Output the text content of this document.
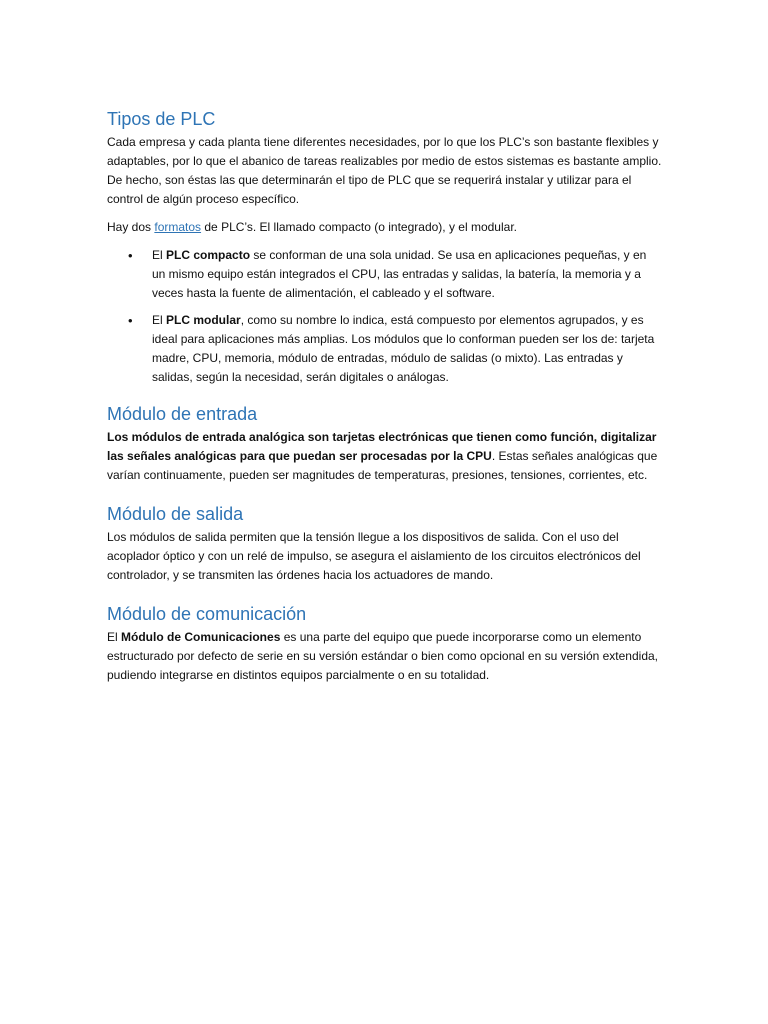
Tipos de PLC

Cada empresa y cada planta tiene diferentes necesidades, por lo que los PLC’s son bastante flexibles y adaptables, por lo que el abanico de tareas realizables por medio de estos sistemas es bastante amplio. De hecho, son éstas las que determinarán el tipo de PLC que se requerirá instalar y utilizar para el control de algún proceso específico.

Hay dos formatos de PLC’s. El llamado compacto (o integrado), y el modular.

• El PLC compacto se conforman de una sola unidad. Se usa en aplicaciones pequeñas, y en un mismo equipo están integrados el CPU, las entradas y salidas, la batería, la memoria y a veces hasta la fuente de alimentación, el cableado y el software.
• El PLC modular, como su nombre lo indica, está compuesto por elementos agrupados, y es ideal para aplicaciones más amplias. Los módulos que lo conforman pueden ser los de: tarjeta madre, CPU, memoria, módulo de entradas, módulo de salidas (o mixto). Las entradas y salidas, según la necesidad, serán digitales o análogas.
Módulo de entrada

Los módulos de entrada analógica son tarjetas electrónicas que tienen como función, digitalizar las señales analógicas para que puedan ser procesadas por la CPU. Estas señales analógicas que varían continuamente, pueden ser magnitudes de temperaturas, presiones, tensiones, corrientes, etc.

Módulo de salida

Los módulos de salida permiten que la tensión llegue a los dispositivos de salida. Con el uso del acoplador óptico y con un relé de impulso, se asegura el aislamiento de los circuitos electrónicos del controlador, y se transmiten las órdenes hacia los actuadores de mando.

Módulo de comunicación

El Módulo de Comunicaciones es una parte del equipo que puede incorporarse como un elemento estructurado por defecto de serie en su versión estándar o bien como opcional en su versión extendida, pudiendo integrarse en distintos equipos parcialmente o en su totalidad.
